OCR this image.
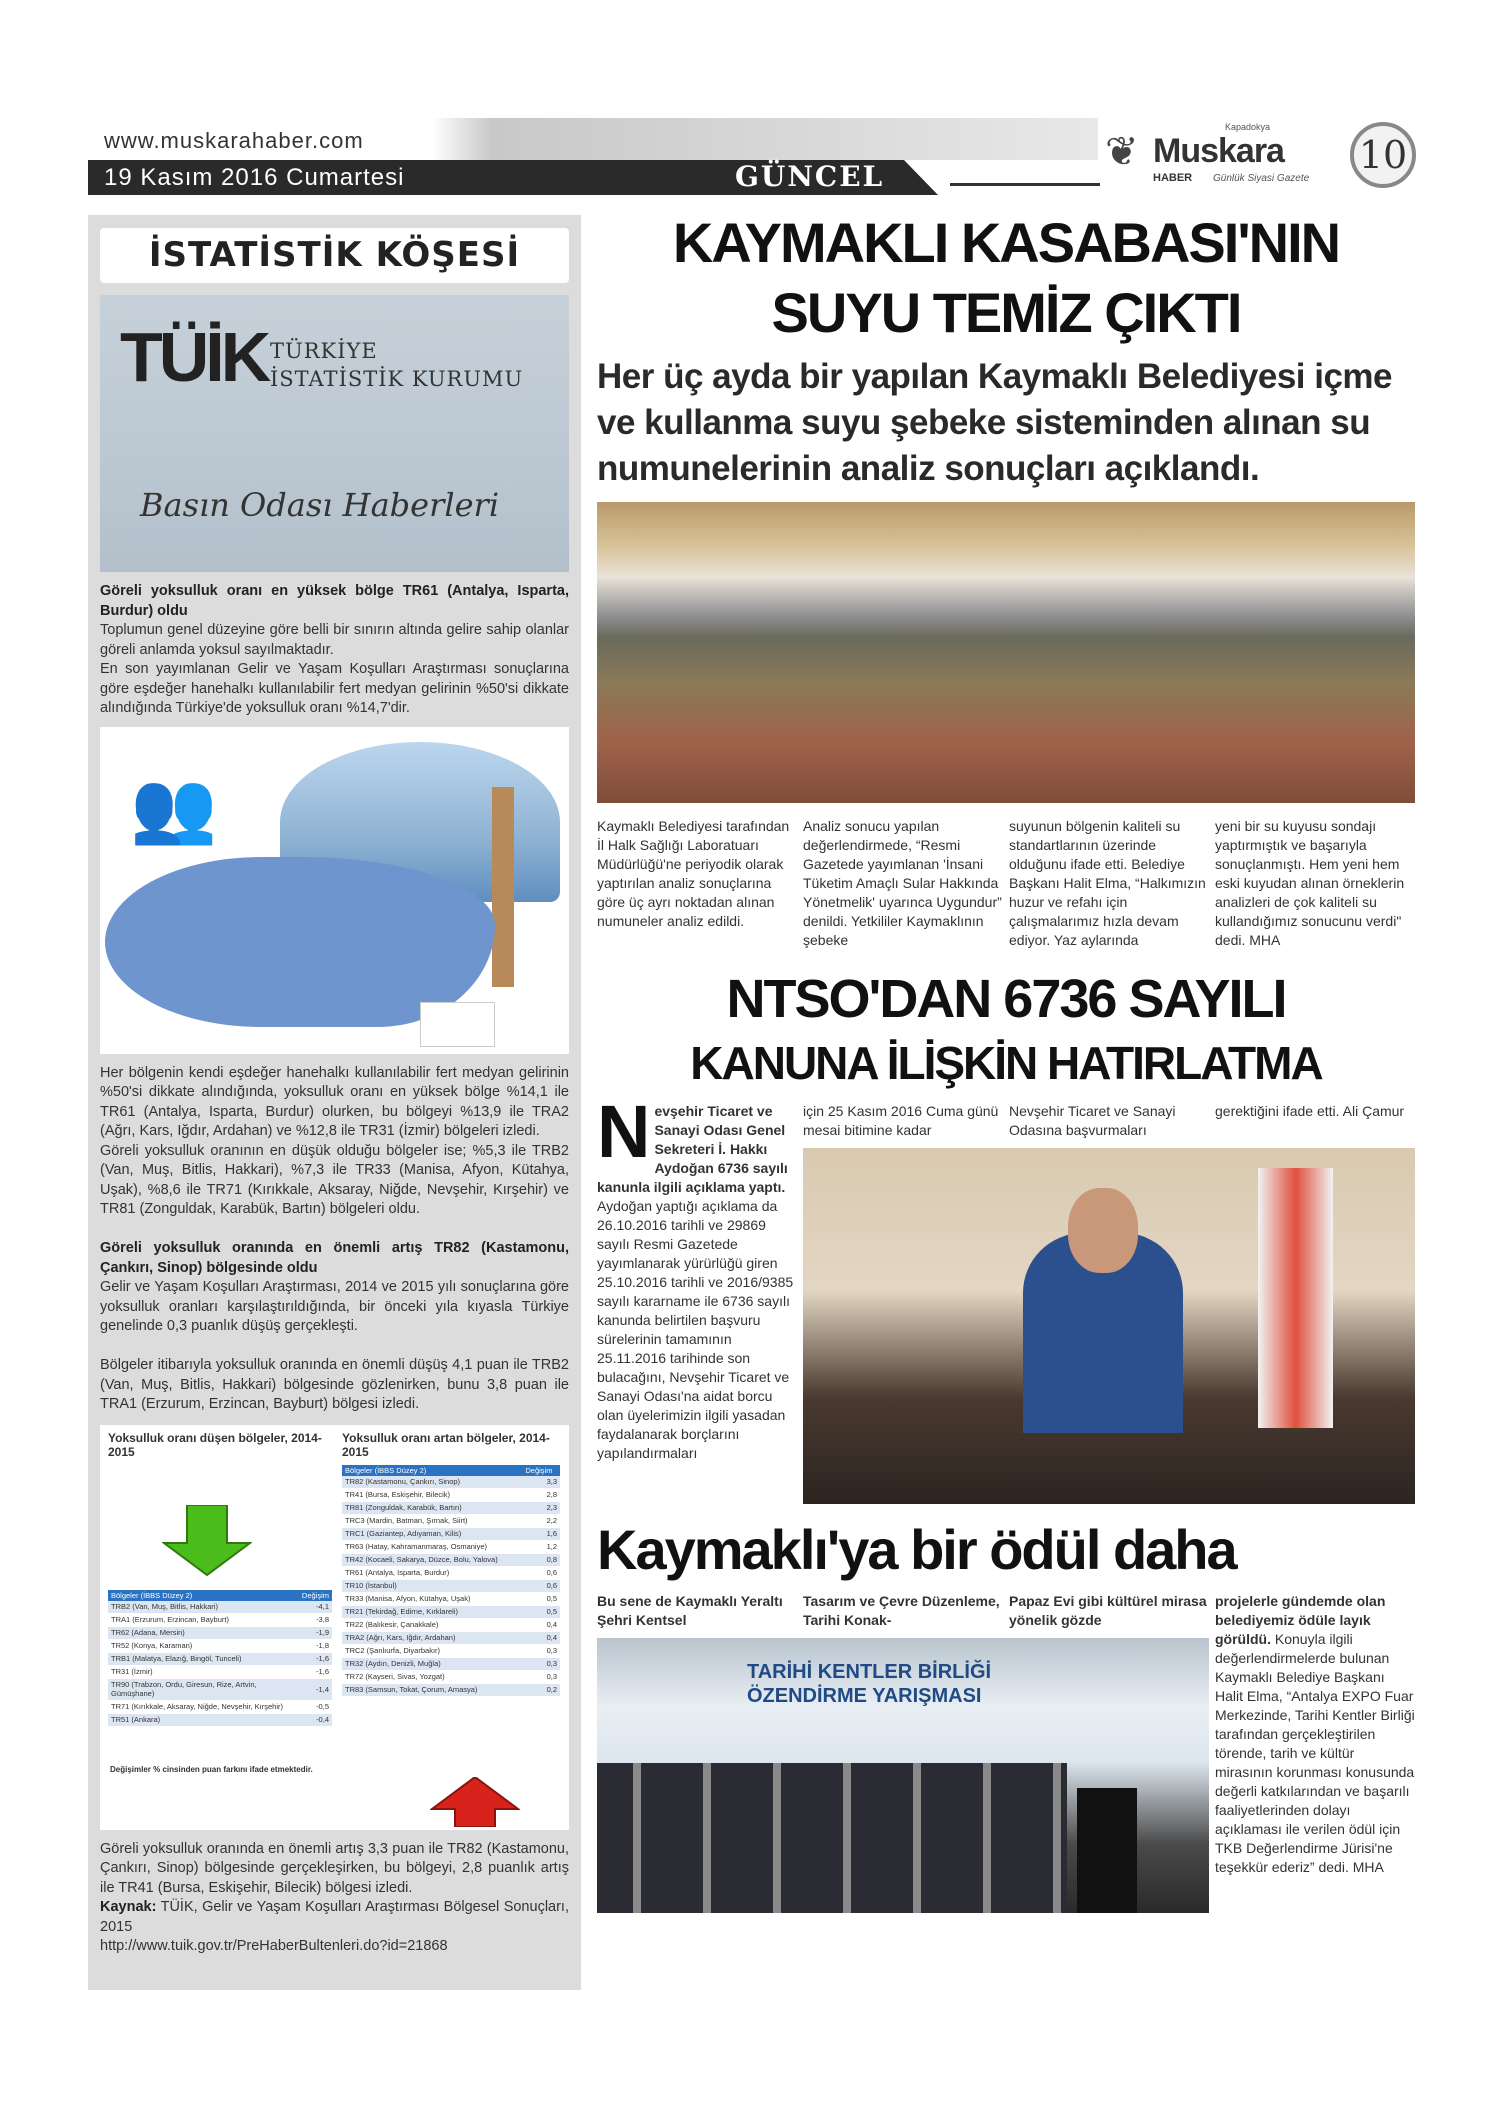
www.muskarahaber.com
19 Kasım 2016 Cumartesi	GÜNCEL
❦
Kapadokya
Muskara
HABER Günlük Siyasi Gazete
10
İSTATİSTİK KÖŞESİ
TÜİK TÜRKİYE
İSTATİSTİK KURUMU
Basın Odası Haberleri
Göreli yoksulluk oranı en yüksek bölge TR61 (Antalya, Isparta, Burdur) oldu
Toplumun genel düzeyine göre belli bir sınırın altında gelire sahip olanlar göreli anlamda yoksul sayılmaktadır.
En son yayımlanan Gelir ve Yaşam Koşulları Araştırması sonuçlarına göre eşdeğer hanehalkı kullanılabilir fert medyan gelirinin %50'si dikkate alındığında Türkiye'de yoksulluk oranı %14,7'dir.
👥
Her bölgenin kendi eşdeğer hanehalkı kullanılabilir fert medyan gelirinin %50'si dikkate alındığında, yoksulluk oranı en yüksek bölge %14,1 ile TR61 (Antalya, Isparta, Burdur) olurken, bu bölgeyi %13,9 ile TRA2 (Ağrı, Kars, Iğdır, Ardahan) ve %12,8 ile TR31 (İzmir) bölgeleri izledi.
Göreli yoksulluk oranının en düşük olduğu bölgeler ise; %5,3 ile TRB2 (Van, Muş, Bitlis, Hakkari), %7,3 ile TR33 (Manisa, Afyon, Kütahya, Uşak), %8,6 ile TR71 (Kırıkkale, Aksaray, Niğde, Nevşehir, Kırşehir) ve TR81 (Zonguldak, Karabük, Bartın) bölgeleri oldu.

Göreli yoksulluk oranında en önemli artış TR82 (Kastamonu, Çankırı, Sinop) bölgesinde oldu
Gelir ve Yaşam Koşulları Araştırması, 2014 ve 2015 yılı sonuçlarına göre yoksulluk oranları karşılaştırıldığında, bir önceki yıla kıyasla Türkiye genelinde 0,3 puanlık düşüş gerçekleşti.

Bölgeler itibarıyla yoksulluk oranında en önemli düşüş 4,1 puan ile TRB2 (Van, Muş, Bitlis, Hakkari) bölgesinde gözlenirken, bunu 3,8 puan ile TRA1 (Erzurum, Erzincan, Bayburt) bölgesi izledi.
Yoksulluk oranı düşen bölgeler, 2014-2015
Yoksulluk oranı artan bölgeler, 2014-2015
Bölgeler (İBBS Düzey 2)	Değişim
TRB2 (Van, Muş, Bitlis, Hakkari)	-4,1
TRA1 (Erzurum, Erzincan, Bayburt)	-3,8
TR62 (Adana, Mersin)	-1,9
TR52 (Konya, Karaman)	-1,8
TRB1 (Malatya, Elazığ, Bingöl, Tunceli)	-1,6
TR31 (İzmir)	-1,6
TR90 (Trabzon, Ordu, Giresun, Rize, Artvin, Gümüşhane)	-1,4
TR71 (Kırıkkale, Aksaray, Niğde, Nevşehir, Kırşehir)	-0,5
TR51 (Ankara)	-0,4
Bölgeler (İBBS Düzey 2)	Değişim
TR82 (Kastamonu, Çankırı, Sinop)	3,3
TR41 (Bursa, Eskişehir, Bilecik)	2,8
TR81 (Zonguldak, Karabük, Bartın)	2,3
TRC3 (Mardin, Batman, Şırnak, Siirt)	2,2
TRC1 (Gaziantep, Adıyaman, Kilis)	1,6
TR63 (Hatay, Kahramanmaraş, Osmaniye)	1,2
TR42 (Kocaeli, Sakarya, Düzce, Bolu, Yalova)	0,8
TR61 (Antalya, Isparta, Burdur)	0,6
TR10 (İstanbul)	0,6
TR33 (Manisa, Afyon, Kütahya, Uşak)	0,5
TR21 (Tekirdağ, Edirne, Kırklareli)	0,5
TR22 (Balıkesir, Çanakkale)	0,4
TRA2 (Ağrı, Kars, Iğdır, Ardahan)	0,4
TRC2 (Şanlıurfa, Diyarbakır)	0,3
TR32 (Aydın, Denizli, Muğla)	0,3
TR72 (Kayseri, Sivas, Yozgat)	0,3
TR83 (Samsun, Tokat, Çorum, Amasya)	0,2
Değişimler % cinsinden puan farkını ifade etmektedir.
Göreli yoksulluk oranında en önemli artış 3,3 puan ile TR82 (Kastamonu, Çankırı, Sinop) bölgesinde gerçekleşirken, bu bölgeyi, 2,8 puanlık artış ile TR41 (Bursa, Eskişehir, Bilecik) bölgesi izledi.
Kaynak: TÜİK, Gelir ve Yaşam Koşulları Araştırması Bölgesel Sonuçları, 2015
http://www.tuik.gov.tr/PreHaberBultenleri.do?id=21868
KAYMAKLI KASABASI'NIN
SUYU TEMİZ ÇIKTI
Her üç ayda bir yapılan Kaymaklı Belediyesi içme ve kullanma suyu şebeke sisteminden alınan su numunelerinin analiz sonuçları açıklandı.
Kaymaklı Belediyesi tarafından İl Halk Sağlığı Laboratuarı Müdürlüğü'ne periyodik olarak yaptırılan analiz sonuçlarına göre üç ayrı noktadan alınan numuneler analiz edildi.
Analiz sonucu yapılan değerlendirmede, “Resmi Gazetede yayımlanan 'İnsani Tüketim Amaçlı Sular Hakkında Yönetmelik' uyarınca Uygundur” denildi. Yetkililer Kaymaklının şebeke
suyunun bölgenin kaliteli su standartlarının üzerinde olduğunu ifade etti. Belediye Başkanı Halit Elma, “Halkımızın huzur ve refahı için çalışmalarımız hızla devam ediyor. Yaz aylarında
yeni bir su kuyusu sondajı yaptırmıştık ve başarıyla sonuçlanmıştı. Hem yeni hem eski kuyudan alınan örneklerin analizleri de çok kaliteli su kullandığımız sonucunu verdi" dedi. MHA
NTSO'DAN 6736 SAYILI
KANUNA İLİŞKİN HATIRLATMA
Nevşehir Ticaret ve Sanayi Odası Genel Sekreteri İ. Hakkı Aydoğan 6736 sayılı kanunla ilgili açıklama yaptı. Aydoğan yaptığı açıklama da 26.10.2016 tarihli ve 29869 sayılı Resmi Gazetede yayımlanarak yürürlüğü giren 25.10.2016 tarihli ve 2016/9385 sayılı kararname ile 6736 sayılı kanunda belirtilen başvuru sürelerinin tamamının 25.11.2016 tarihinde son bulacağını, Nevşehir Ticaret ve Sanayi Odası'na aidat borcu olan üyelerimizin ilgili yasadan faydalanarak borçlarını yapılandırmaları
için 25 Kasım 2016 Cuma günü mesai bitimine kadar
Nevşehir Ticaret ve Sanayi Odasına başvurmaları
gerektiğini ifade etti. Ali Çamur
Kaymaklı'ya bir ödül daha
Bu sene de Kaymaklı Yeraltı Şehri Kentsel
Tasarım ve Çevre Düzenleme, Tarihi Konak-
Papaz Evi gibi kültürel mirasa yönelik gözde
projelerle gündemde olan belediyemiz ödüle layık görüldü. Konuyla ilgili değerlendirmelerde bulunan Kaymaklı Belediye Başkanı Halit Elma, “Antalya EXPO Fuar Merkezinde, Tarihi Kentler Birliği tarafından gerçekleştirilen törende, tarih ve kültür mirasının korunması konusunda değerli katkılarından ve başarılı faaliyetlerinden dolayı açıklaması ile verilen ödül için TKB Değerlendirme Jürisi'ne teşekkür ederiz” dedi. MHA
TARİHİ KENTLER BİRLİĞİ ÖZENDİRME YARIŞMASI
